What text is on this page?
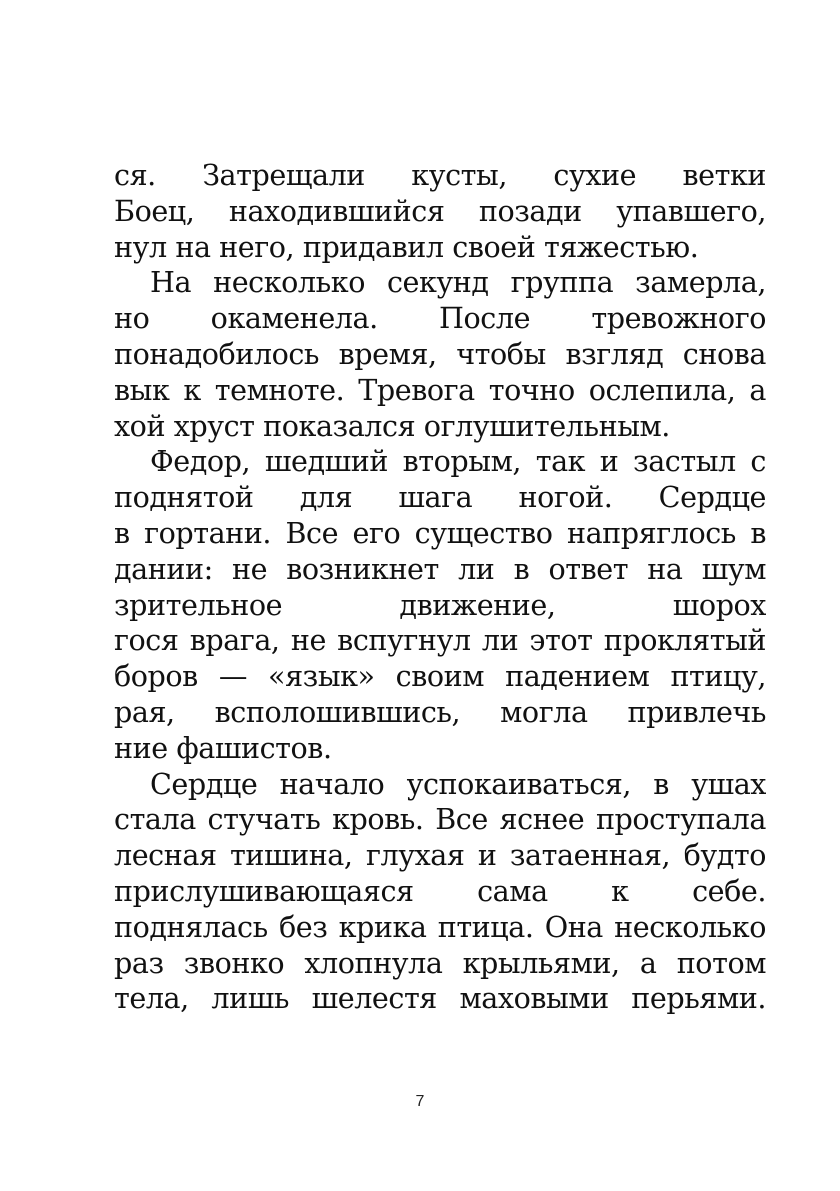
ся. Затрещали кусты, сухие ветки
Боец, находившийся позади упавшего,
нул на него, придавил своей тяжестью.
На несколько секунд группа замерла,
но окаменела. После тревожного
понадобилось время, чтобы взгляд снова
вык к темноте. Тревога точно ослепила, а
хой хруст показался оглушительным.
Федор, шедший вторым, так и застыл с
поднятой для шага ногой. Сердце
в гортани. Все его существо напряглось в
дании: не возникнет ли в ответ на шум
зрительное движение, шорох
гося врага, не вспугнул ли этот проклятый
боров — «язык» своим падением птицу,
рая, всполошившись, могла привлечь
ние фашистов.
Сердце начало успокаиваться, в ушах
стала стучать кровь. Все яснее проступала
лесная тишина, глухая и затаенная, будто
прислушивающаяся сама к себе.
поднялась без крика птица. Она несколько
раз звонко хлопнула крыльями, а потом
тела, лишь шелестя маховыми перьями.
7
